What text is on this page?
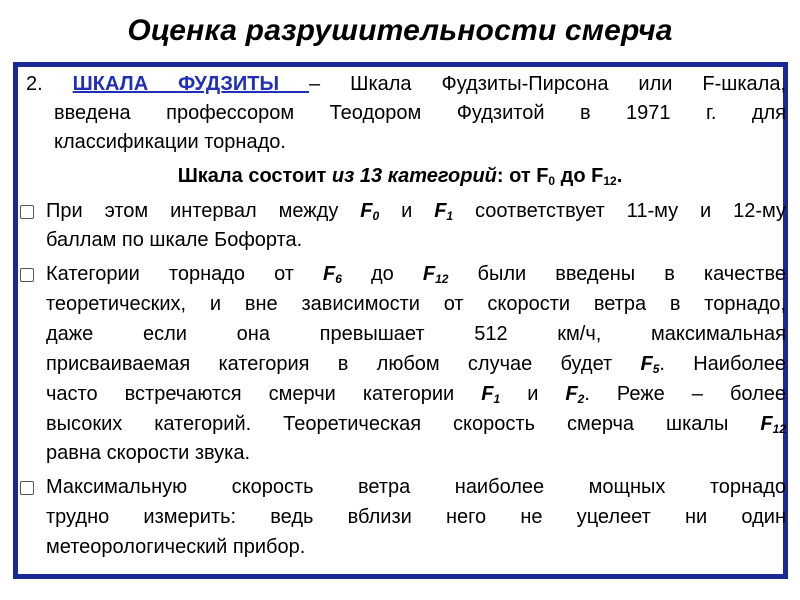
Оценка разрушительности смерча
2. ШКАЛА ФУДЗИТЫ – Шкала Фудзиты-Пирсона или F-шкала,
введена профессором Теодором Фудзитой в 1971 г. для
классификации торнадо.
Шкала состоит из 13 категорий: от $F_0$ до $F_{12}$.
При этом интервал между $F_0$ и $F_1$ соответствует 11-му и 12-му
баллам по шкале Бофорта.
Категории торнадо от $F_6$ до $F_{12}$ были введены в качестве
теоретических, и вне зависимости от скорости ветра в торнадо,
даже если она превышает 512 км/ч, максимальная
присваиваемая категория в любом случае будет $F_5$. Наиболее
часто встречаются смерчи категории $F_1$ и $F_2$. Реже – более
высоких категорий. Теоретическая скорость смерча шкалы $F_{12}$
равна скорости звука.
Максимальную скорость ветра наиболее мощных торнадо
трудно измерить: ведь вблизи него не уцелеет ни один
метеорологический прибор.
